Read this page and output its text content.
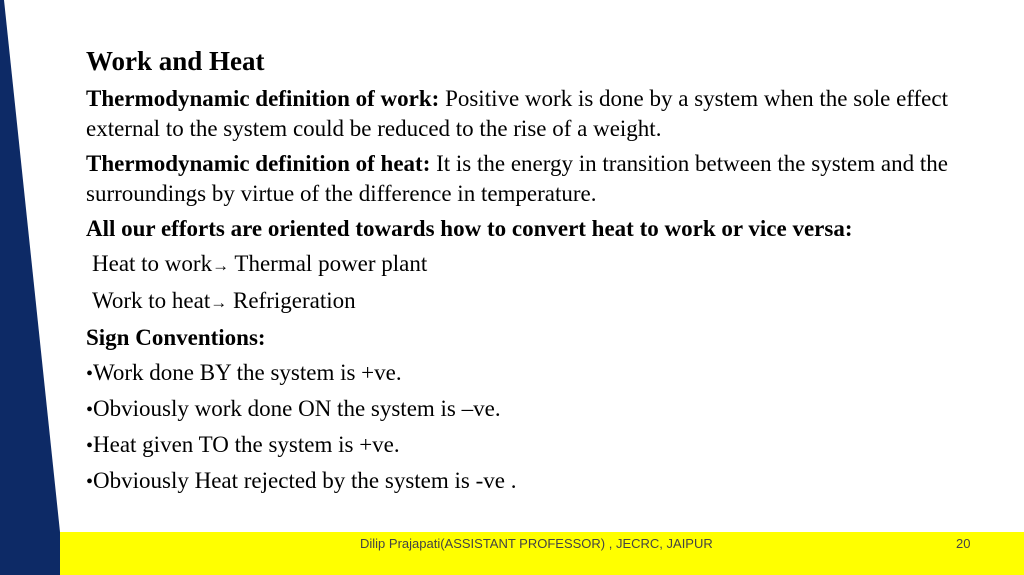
Dilip Prajapati(ASSISTANT PROFESSOR) , JECRC, JAIPUR	20
Work and Heat
Thermodynamic definition of work: Positive work is done by a system when the sole effect external to the system could be reduced to the rise of a weight.
Thermodynamic definition of heat: It is the energy in transition between the system and the surroundings by virtue of the difference in temperature.
All our efforts are oriented towards how to convert heat to work or vice versa:
Heat to work→ Thermal power plant
Work to heat→ Refrigeration
Sign Conventions:
•Work done BY the system is +ve.
•Obviously work done ON the system is –ve.
•Heat given TO the system is +ve.
•Obviously Heat rejected by the system is -ve .
